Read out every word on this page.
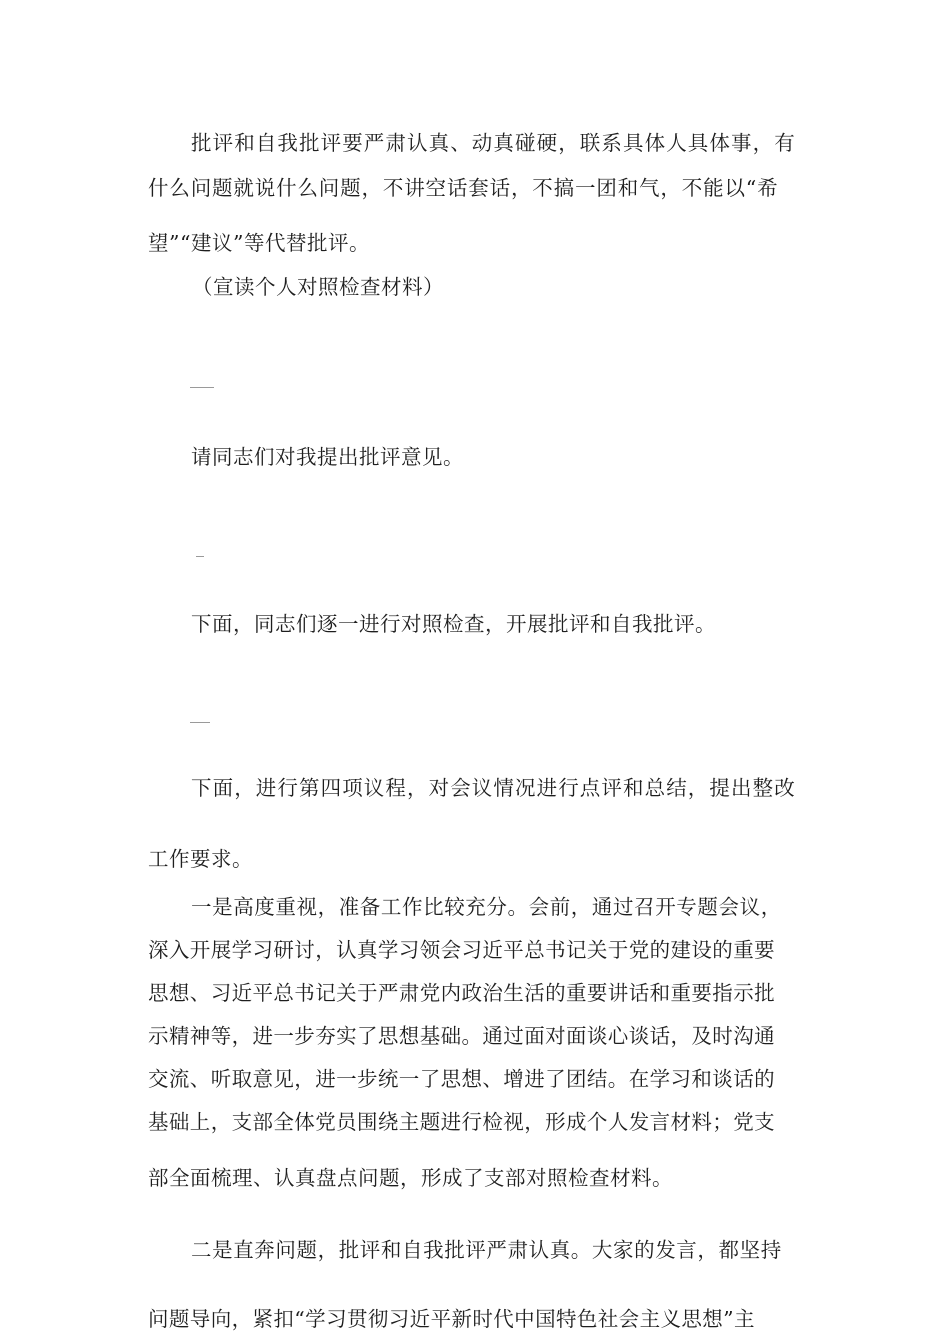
批评和自我批评要严肃认真、动真碰硬，联系具体人具体事，有
什么问题就说什么问题，不讲空话套话，不搞一团和气，不能以“希
望”“建议”等代替批评。
（宣读个人对照检查材料）
请同志们对我提出批评意见。
下面，同志们逐一进行对照检查，开展批评和自我批评。
下面，进行第四项议程，对会议情况进行点评和总结，提出整改
工作要求。
一是高度重视，准备工作比较充分。会前，通过召开专题会议，
深入开展学习研讨，认真学习领会习近平总书记关于党的建设的重要
思想、习近平总书记关于严肃党内政治生活的重要讲话和重要指示批
示精神等，进一步夯实了思想基础。通过面对面谈心谈话，及时沟通
交流、听取意见，进一步统一了思想、增进了团结。在学习和谈话的
基础上，支部全体党员围绕主题进行检视，形成个人发言材料；党支
部全面梳理、认真盘点问题，形成了支部对照检查材料。
二是直奔问题，批评和自我批评严肃认真。大家的发言，都坚持
问题导向，紧扣“学习贯彻习近平新时代中国特色社会主义思想”主
